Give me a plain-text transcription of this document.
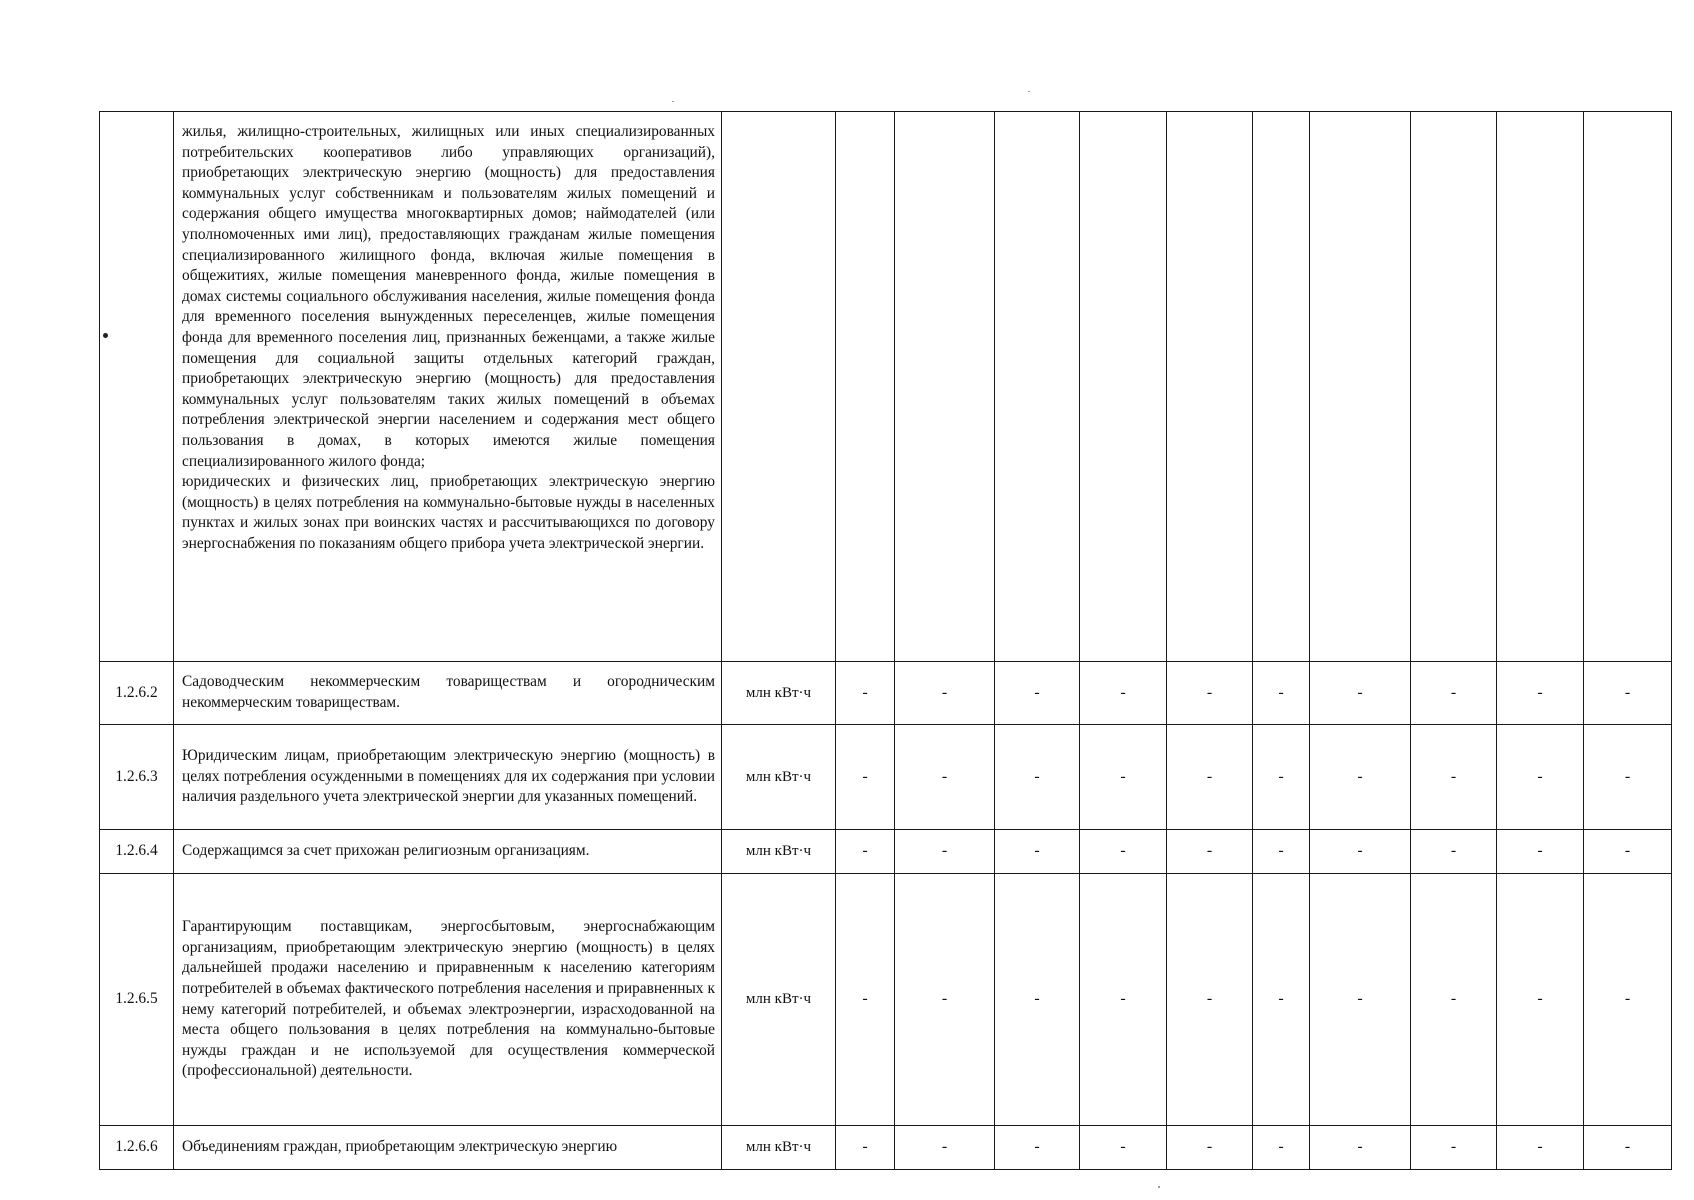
	жилья, жилищно-строительных, жилищных или иных специализированных потребительских кооперативов либо управляющих организаций), приобретающих электрическую энергию (мощность) для предоставления коммунальных услуг собственникам и пользователям жилых помещений и содержания общего имущества многоквартирных домов; наймодателей (или уполномоченных ими лиц), предоставляющих гражданам жилые помещения специализированного жилищного фонда, включая жилые помещения в общежитиях, жилые помещения маневренного фонда, жилые помещения в домах системы социального обслуживания населения, жилые помещения фонда для временного поселения вынужденных переселенцев, жилые помещения фонда для временного поселения лиц, признанных беженцами, а также жилые помещения для социальной защиты отдельных категорий граждан, приобретающих электрическую энергию (мощность) для предоставления коммунальных услуг пользователям таких жилых помещений в объемах потребления электрической энергии населением и содержания мест общего пользования в домах, в которых имеются жилые помещения специализированного жилого фонда;
юридических и физических лиц, приобретающих электрическую энергию (мощность) в целях потребления на коммунально-бытовые нужды в населенных пунктах и жилых зонах при воинских частях и рассчитывающихся по договору энергоснабжения по показаниям общего прибора учета электрической энергии.											

1.2.6.2	Садоводческим некоммерческим товариществам и огородническим некоммерческим товариществам.	млн кВт·ч	-	-	-	-	-	-	-	-	-	-
1.2.6.3	Юридическим лицам, приобретающим электрическую энергию (мощность) в целях потребления осужденными в помещениях для их содержания при условии наличия раздельного учета электрической энергии для указанных помещений.	млн кВт·ч	-	-	-	-	-	-	-	-	-	-
1.2.6.4	Содержащимся за счет прихожан религиозным организациям.	млн кВт·ч	-	-	-	-	-	-	-	-	-	-
1.2.6.5	Гарантирующим поставщикам, энергосбытовым, энергоснабжающим организациям, приобретающим электрическую энергию (мощность) в целях дальнейшей продажи населению и приравненным к населению категориям потребителей в объемах фактического потребления населения и приравненных к нему категорий потребителей, и объемах электроэнергии, израсходованной на места общего пользования в целях потребления на коммунально-бытовые нужды граждан и не используемой для осуществления коммерческой (профессиональной) деятельности.	млн кВт·ч	-	-	-	-	-	-	-	-	-	-
1.2.6.6	Объединениям граждан, приобретающим электрическую энергию	млн кВт·ч	-	-	-	-	-	-	-	-	-	-
